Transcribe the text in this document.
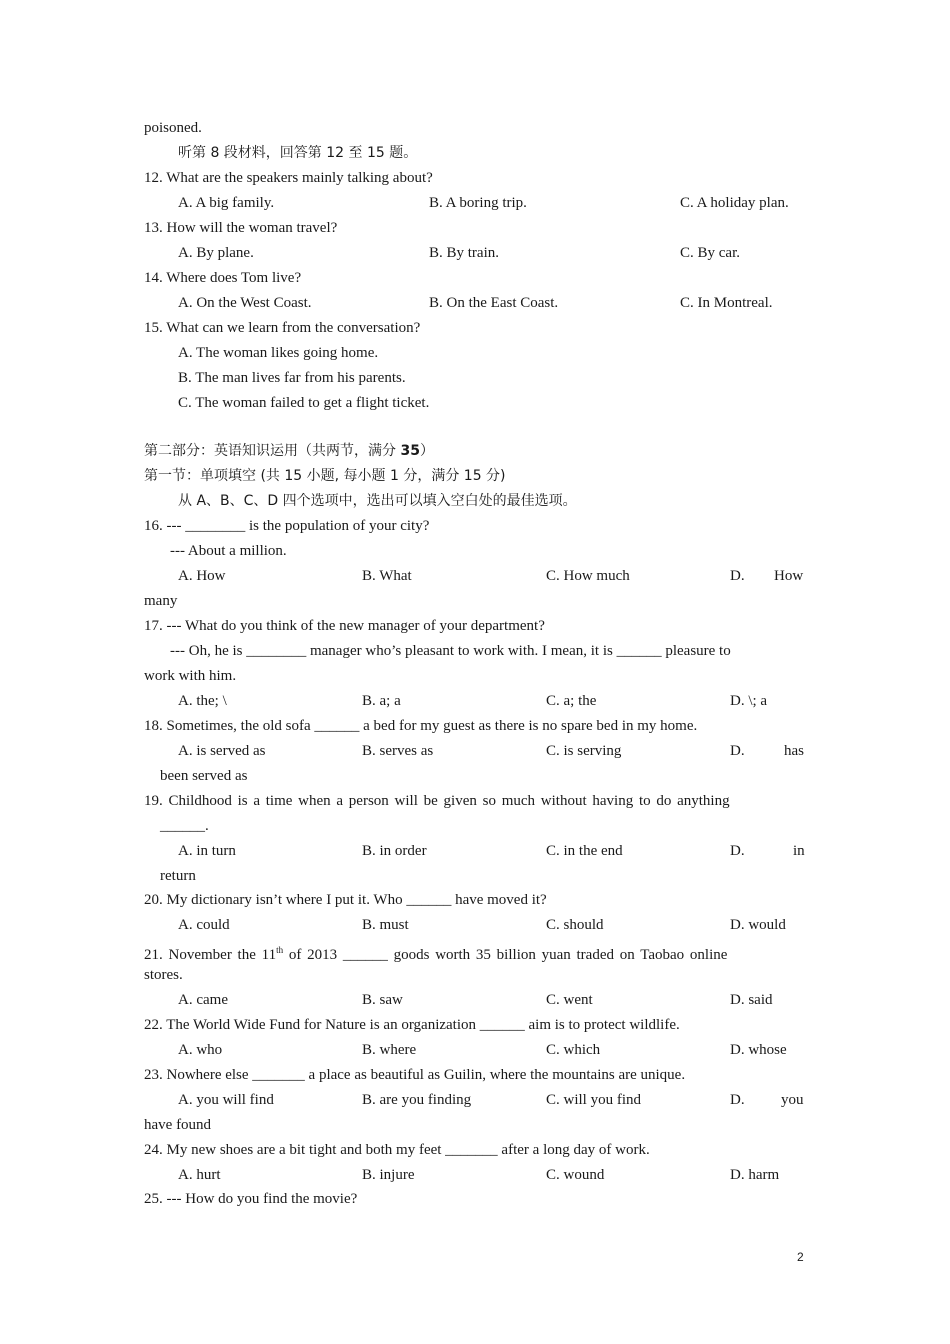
poisoned.
听第 8 段材料，回答第 12 至 15 题。
12. What are the speakers mainly talking about?
A. A big family.	B. A boring trip.	C. A holiday plan.
13. How will the woman travel?
A. By plane.	B. By train.	C. By car.
14. Where does Tom live?
A. On the West Coast.	B. On the East Coast.	C. In Montreal.
15. What can we learn from the conversation?
A. The woman likes going home.
B. The man lives far from his parents.
C. The woman failed to get a flight ticket.
第二部分：英语知识运用（共两节，满分 35）
第一节：单项填空 (共 15 小题, 每小题 1 分，满分 15 分)
从 A、B、C、D 四个选项中，选出可以填入空白处的最佳选项。
16. --- ________ is the population of your city?
--- About a million.
A. How	B. What	C. How much	D. How
many
17. --- What do you think of the new manager of your department?
--- Oh, he is ________ manager who’s pleasant to work with. I mean, it is ______ pleasure to
work with him.
A. the; \	B. a; a	C. a; the	D. \; a
18. Sometimes, the old sofa ______ a bed for my guest as there is no spare bed in my home.
A. is served as	B. serves as	C. is serving	D.	has
been served as
19. Childhood is a time when a person will be given so much without having to do anything
______.
A. in turn	B. in order	C. in the end	D.	in
return
20. My dictionary isn’t where I put it. Who ______ have moved it?
A. could	B. must	C. should	D. would
21. November the 11th of 2013 ______ goods worth 35 billion yuan traded on Taobao online
stores.
A. came	B. saw	C. went	D. said
22. The World Wide Fund for Nature is an organization ______ aim is to protect wildlife.
A. who	B. where	C. which	D. whose
23. Nowhere else _______ a place as beautiful as Guilin, where the mountains are unique.
A. you will find	B. are you finding	C. will you find	D. you
have found
24. My new shoes are a bit tight and both my feet _______ after a long day of work.
A. hurt	B. injure	C. wound	D. harm
25. --- How do you find the movie?
2
